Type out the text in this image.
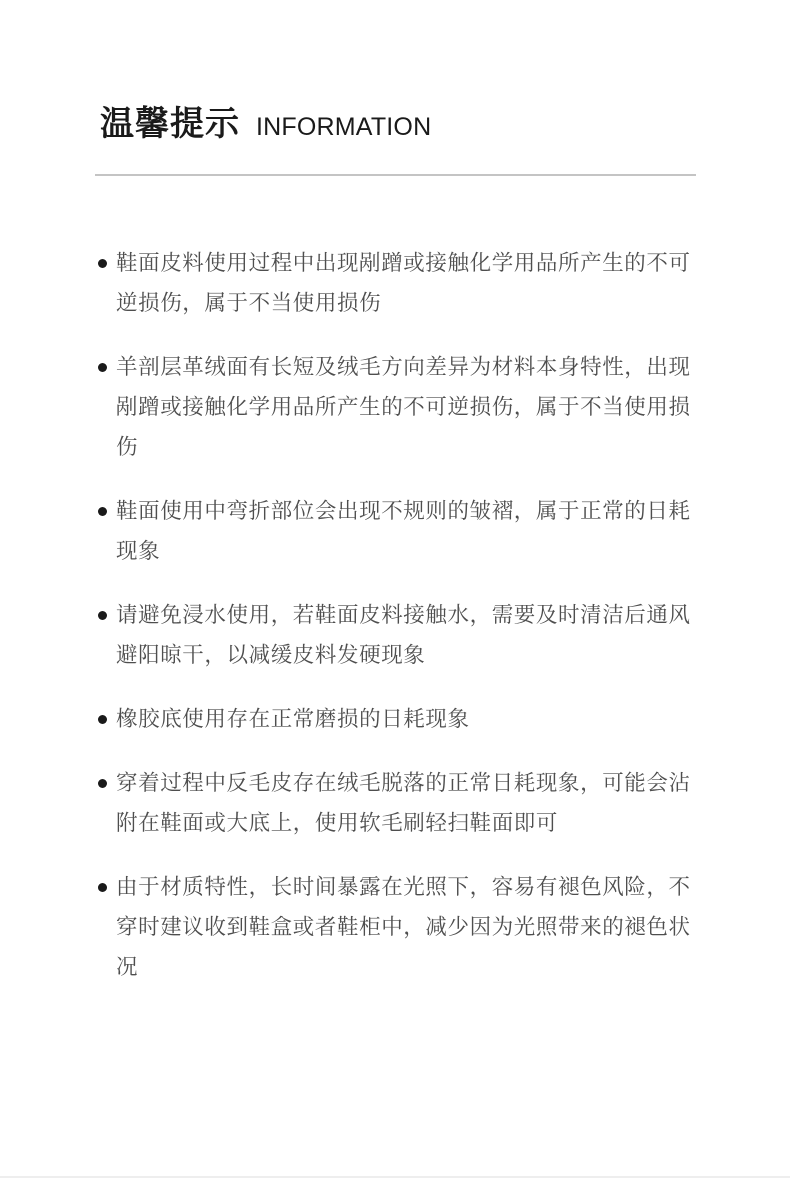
温馨提示 INFORMATION
鞋面皮料使用过程中出现剐蹭或接触化学用品所产生的不可逆损伤，属于不当使用损伤
羊剖层革绒面有长短及绒毛方向差异为材料本身特性，出现剐蹭或接触化学用品所产生的不可逆损伤，属于不当使用损伤
鞋面使用中弯折部位会出现不规则的皱褶，属于正常的日耗现象
请避免浸水使用，若鞋面皮料接触水，需要及时清洁后通风避阳晾干，以减缓皮料发硬现象
橡胶底使用存在正常磨损的日耗现象
穿着过程中反毛皮存在绒毛脱落的正常日耗现象，可能会沾附在鞋面或大底上，使用软毛刷轻扫鞋面即可
由于材质特性，长时间暴露在光照下，容易有褪色风险，不穿时建议收到鞋盒或者鞋柜中，减少因为光照带来的褪色状况
